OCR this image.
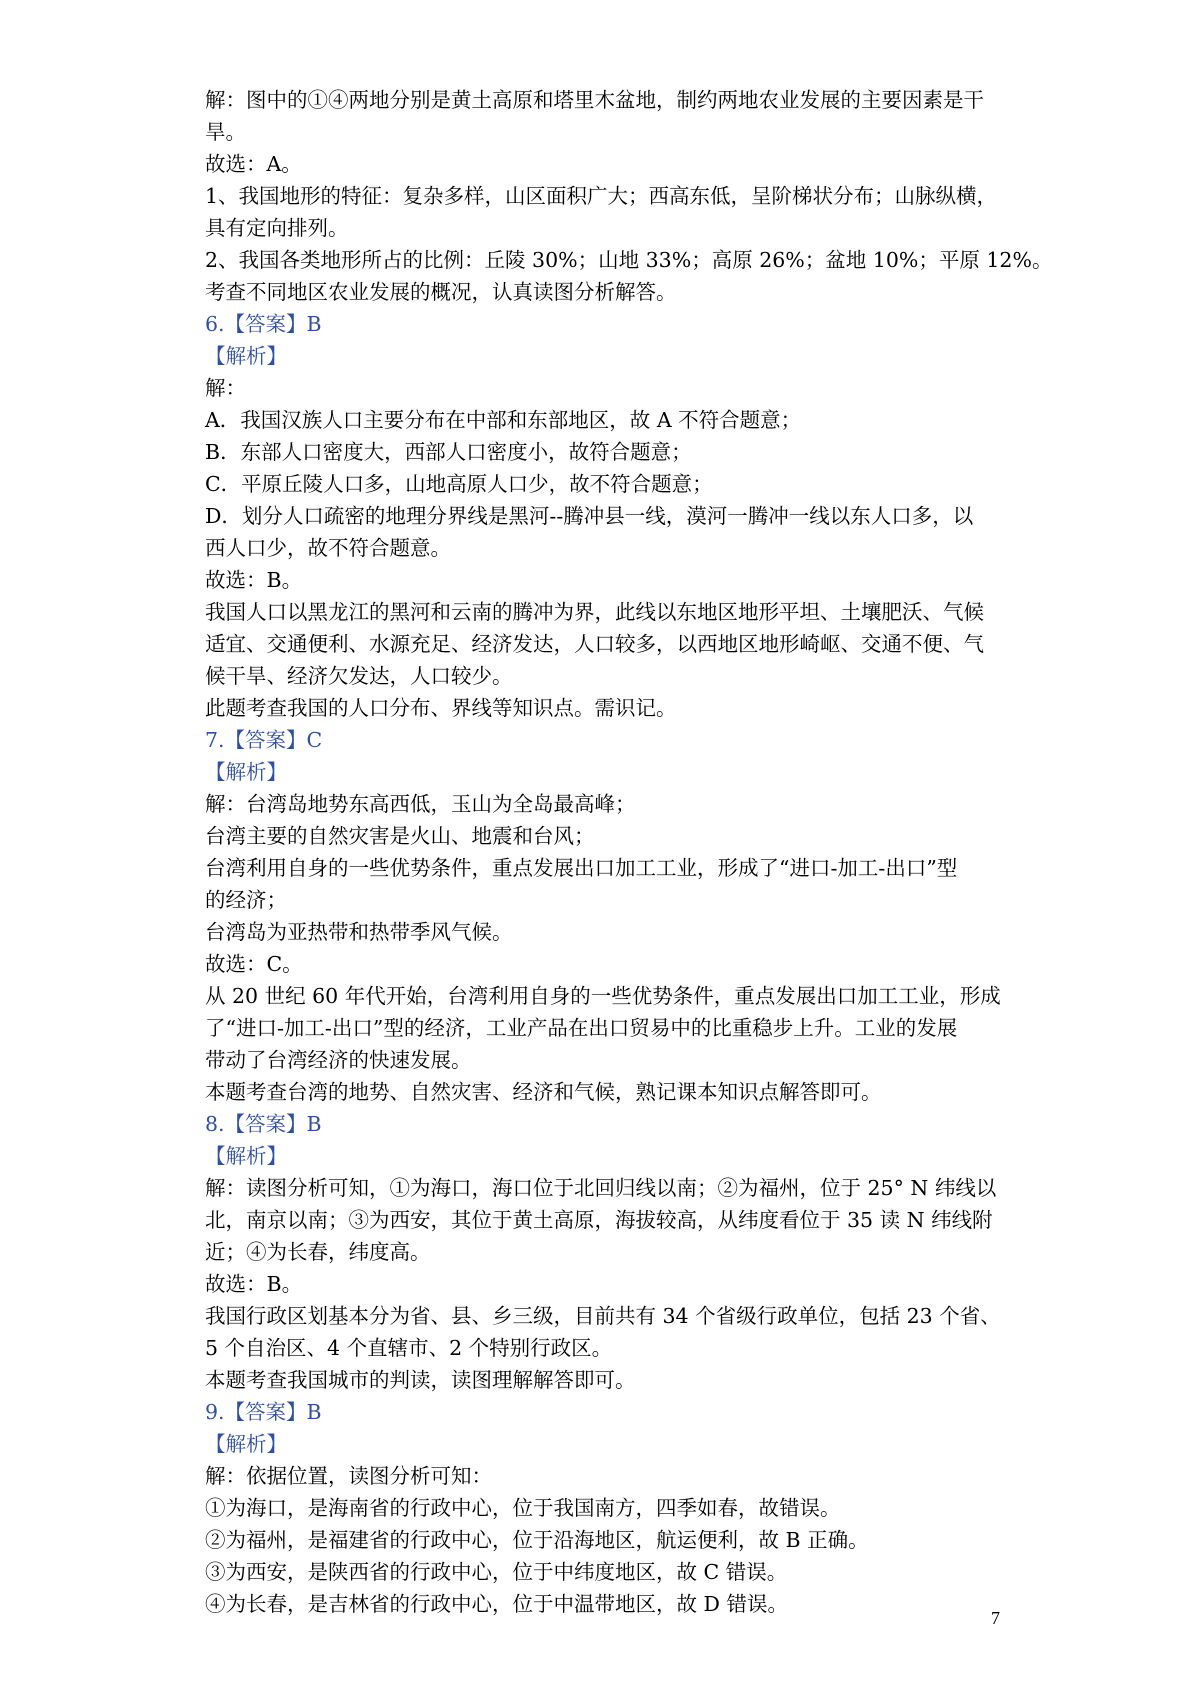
解：图中的①④两地分别是黄土高原和塔里木盆地，制约两地农业发展的主要因素是干
旱。
故选：A。
1、我国地形的特征：复杂多样，山区面积广大；西高东低，呈阶梯状分布；山脉纵横，
具有定向排列。
2、我国各类地形所占的比例：丘陵 30%；山地 33%；高原 26%；盆地 10%；平原 12%。
考查不同地区农业发展的概况，认真读图分析解答。
6.【答案】B
【解析】
解：
A．我国汉族人口主要分布在中部和东部地区，故 A 不符合题意；
B．东部人口密度大，西部人口密度小，故符合题意；
C．平原丘陵人口多，山地高原人口少，故不符合题意；
D．划分人口疏密的地理分界线是黑河--腾冲县一线，漠河一腾冲一线以东人口多，以
西人口少，故不符合题意。
故选：B。
我国人口以黑龙江的黑河和云南的腾冲为界，此线以东地区地形平坦、土壤肥沃、气候
适宜、交通便利、水源充足、经济发达，人口较多，以西地区地形崎岖、交通不便、气
候干旱、经济欠发达，人口较少。
此题考查我国的人口分布、界线等知识点。需识记。
7.【答案】C
【解析】
解：台湾岛地势东高西低，玉山为全岛最高峰；
台湾主要的自然灾害是火山、地震和台风；
台湾利用自身的一些优势条件，重点发展出口加工工业，形成了“进口-加工-出口”型
的经济；
台湾岛为亚热带和热带季风气候。
故选：C。
从 20 世纪 60 年代开始，台湾利用自身的一些优势条件，重点发展出口加工工业，形成
了“进口-加工-出口”型的经济，工业产品在出口贸易中的比重稳步上升。工业的发展
带动了台湾经济的快速发展。
本题考查台湾的地势、自然灾害、经济和气候，熟记课本知识点解答即可。
8.【答案】B
【解析】
解：读图分析可知，①为海口，海口位于北回归线以南；②为福州，位于 25° N 纬线以
北，南京以南；③为西安，其位于黄土高原，海拔较高，从纬度看位于 35 读 N 纬线附
近；④为长春，纬度高。
故选：B。
我国行政区划基本分为省、县、乡三级，目前共有 34 个省级行政单位，包括 23 个省、
5 个自治区、4 个直辖市、2 个特别行政区。
本题考查我国城市的判读，读图理解解答即可。
9.【答案】B
【解析】
解：依据位置，读图分析可知：
①为海口，是海南省的行政中心，位于我国南方，四季如春，故错误。
②为福州，是福建省的行政中心，位于沿海地区，航运便利，故 B 正确。
③为西安，是陕西省的行政中心，位于中纬度地区，故 C 错误。
④为长春，是吉林省的行政中心，位于中温带地区，故 D 错误。
7
